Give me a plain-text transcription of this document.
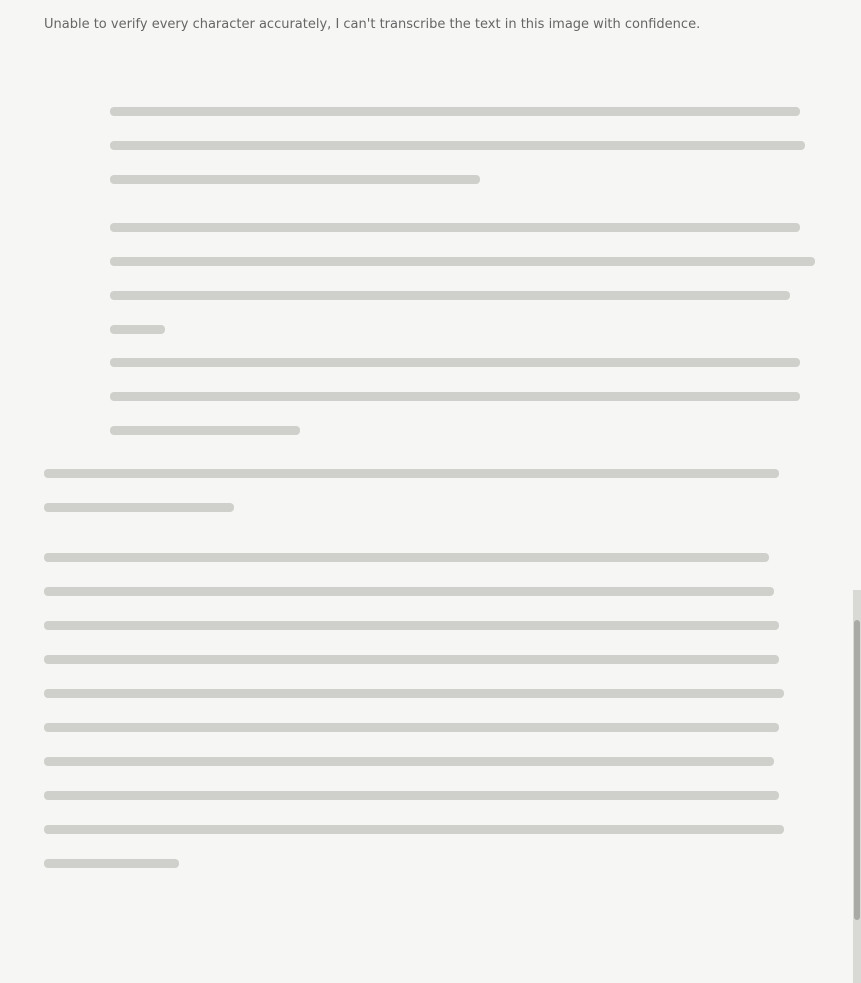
Unable to verify every character accurately, I can't transcribe the text in this image with confidence.
